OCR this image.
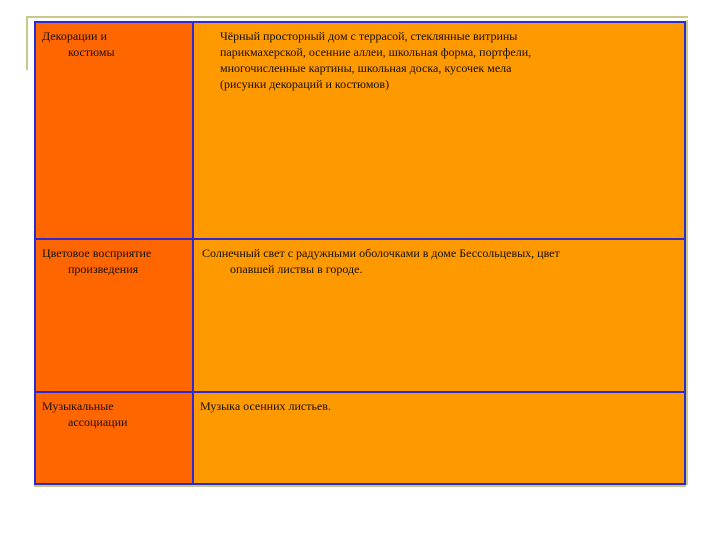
Декорации и
костюмы	Чёрный просторный дом с террасой, стеклянные витрины
парикмахерской, осенние аллеи, школьная форма, портфели,
многочисленные картины, школьная доска, кусочек мела
(рисунки декораций и костюмов)

Цветовое восприятие
произведения	Солнечный свет с радужными оболочками в доме Бессольцевых, цвет
опавшей листвы в городе.

Музыкальные
ассоциации	Музыка осенних листьев.
